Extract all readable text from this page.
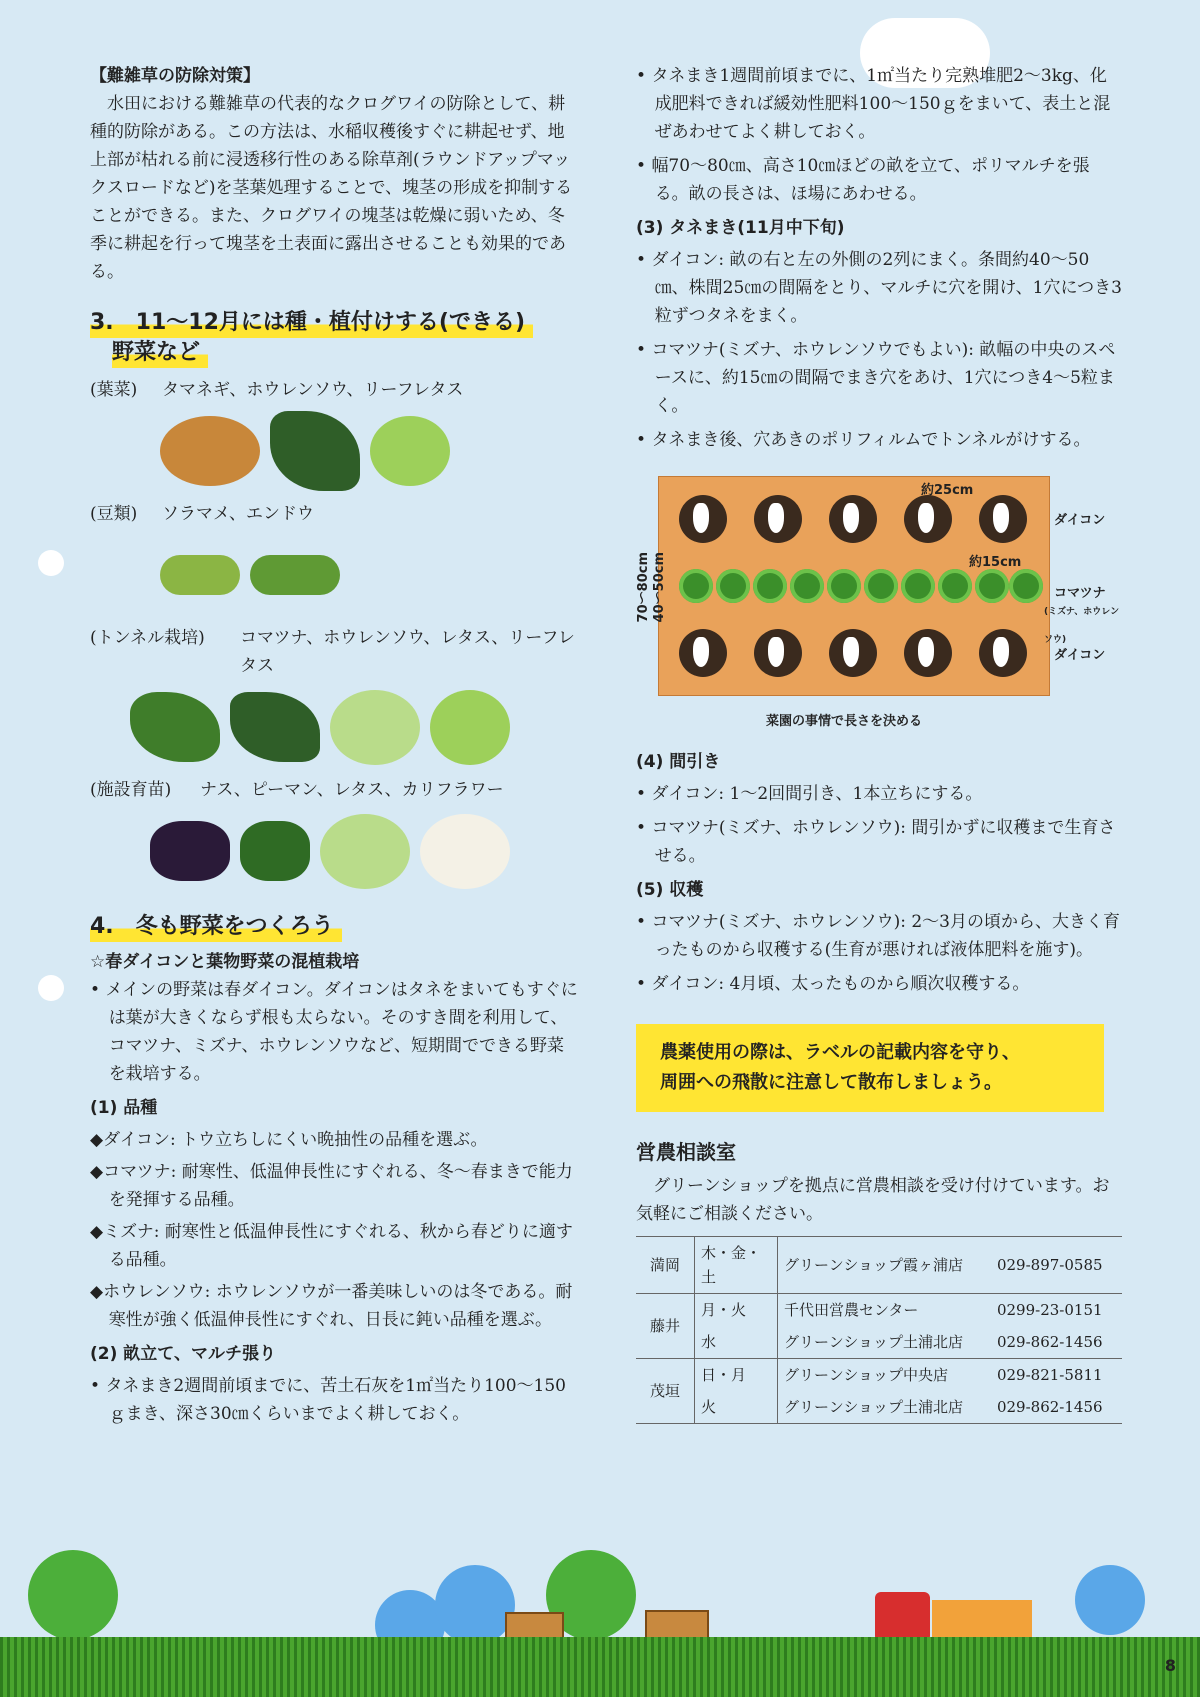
【難雑草の防除対策】

水田における難雑草の代表的なクログワイの防除として、耕種的防除がある。この方法は、水稲収穫後すぐに耕起せず、地上部が枯れる前に浸透移行性のある除草剤(ラウンドアップマックスロードなど)を茎葉処理することで、塊茎の形成を抑制することができる。また、クログワイの塊茎は乾燥に弱いため、冬季に耕起を行って塊茎を土表面に露出させることも効果的である。

3.　11〜12月には種・植付けする(できる)
野菜など
(葉菜)	タマネギ、ホウレンソウ、リーフレタス
(豆類)	ソラマメ、エンドウ
(トンネル栽培)	コマツナ、ホウレンソウ、レタス、リーフレタス
(施設育苗)	ナス、ピーマン、レタス、カリフラワー
4.　冬も野菜をつくろう

☆春ダイコンと葉物野菜の混植栽培

• メインの野菜は春ダイコン。ダイコンはタネをまいてもすぐには葉が大きくならず根も太らない。そのすき間を利用して、コマツナ、ミズナ、ホウレンソウなど、短期間でできる野菜を栽培する。

(1) 品種

◆ダイコン: トウ立ちしにくい晩抽性の品種を選ぶ。

◆コマツナ: 耐寒性、低温伸長性にすぐれる、冬〜春まきで能力を発揮する品種。

◆ミズナ: 耐寒性と低温伸長性にすぐれる、秋から春どりに適する品種。

◆ホウレンソウ: ホウレンソウが一番美味しいのは冬である。耐寒性が強く低温伸長性にすぐれ、日長に鈍い品種を選ぶ。

(2) 畝立て、マルチ張り

• タネまき2週間前頃までに、苦土石灰を1㎡当たり100〜150ｇまき、深さ30㎝くらいまでよく耕しておく。

• タネまき1週間前頃までに、1㎡当たり完熟堆肥2〜3kg、化成肥料できれば緩効性肥料100〜150ｇをまいて、表土と混ぜあわせてよく耕しておく。

• 幅70〜80㎝、高さ10㎝ほどの畝を立て、ポリマルチを張る。畝の長さは、ほ場にあわせる。

(3) タネまき(11月中下旬)

• ダイコン: 畝の右と左の外側の2列にまく。条間約40〜50㎝、株間25㎝の間隔をとり、マルチに穴を開け、1穴につき3粒ずつタネをまく。

• コマツナ(ミズナ、ホウレンソウでもよい): 畝幅の中央のスペースに、約15㎝の間隔でまき穴をあけ、1穴につき4〜5粒まく。

• タネまき後、穴あきのポリフィルムでトンネルがけする。

約25cm
約15cm
70〜80cm 40〜50cm
ダイコン
コマツナ
(ミズナ、ホウレンソウ)
ダイコン
菜園の事情で長さを決める

(4) 間引き

• ダイコン: 1〜2回間引き、1本立ちにする。

• コマツナ(ミズナ、ホウレンソウ): 間引かずに収穫まで生育させる。

(5) 収穫

• コマツナ(ミズナ、ホウレンソウ): 2〜3月の頃から、大きく育ったものから収穫する(生育が悪ければ液体肥料を施す)。

• ダイコン: 4月頃、太ったものから順次収穫する。

農薬使用の際は、ラベルの記載内容を守り、
周囲への飛散に注意して散布しましょう。

営農相談室

グリーンショップを拠点に営農相談を受け付けています。お気軽にご相談ください。

満岡	木・金・土	グリーンショップ霞ヶ浦店	029-897-0585
藤井	月・火	千代田営農センター	0299-23-0151
	水	グリーンショップ土浦北店	029-862-1456
茂垣	日・月	グリーンショップ中央店	029-821-5811
	火	グリーンショップ土浦北店	029-862-1456
8
